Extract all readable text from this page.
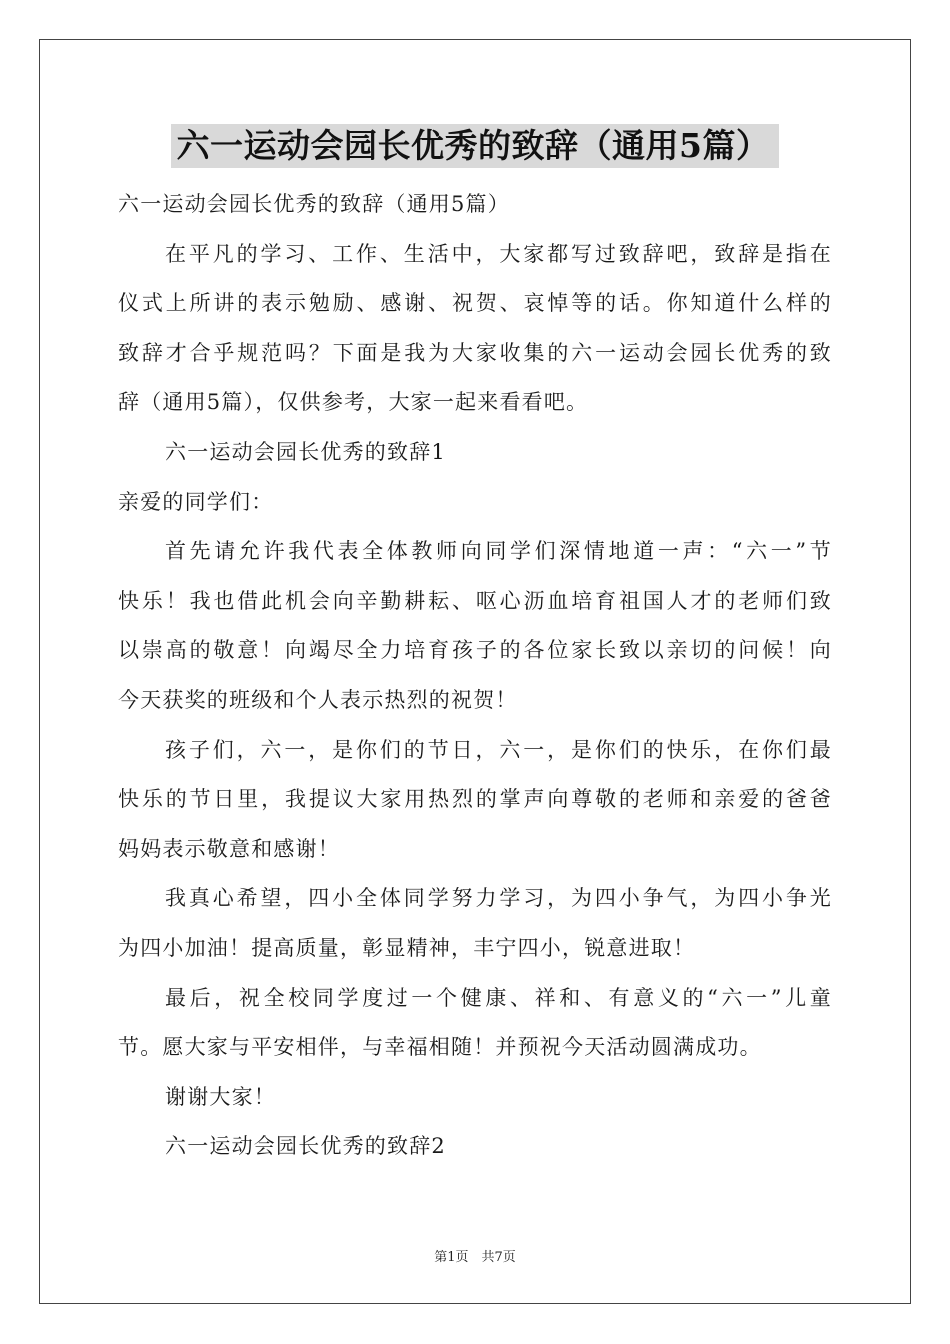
六一运动会园长优秀的致辞（通用5篇）
六一运动会园长优秀的致辞（通用5篇）
在平凡的学习、工作、生活中，大家都写过致辞吧，致辞是指在
仪式上所讲的表示勉励、感谢、祝贺、哀悼等的话。你知道什么样的
致辞才合乎规范吗？下面是我为大家收集的六一运动会园长优秀的致
辞（通用5篇），仅供参考，大家一起来看看吧。
六一运动会园长优秀的致辞1
亲爱的同学们：
首先请允许我代表全体教师向同学们深情地道一声：“六一”节
快乐！我也借此机会向辛勤耕耘、呕心沥血培育祖国人才的老师们致
以崇高的敬意！向竭尽全力培育孩子的各位家长致以亲切的问候！向
今天获奖的班级和个人表示热烈的祝贺！
孩子们，六一，是你们的节日，六一，是你们的快乐，在你们最
快乐的节日里，我提议大家用热烈的掌声向尊敬的老师和亲爱的爸爸
妈妈表示敬意和感谢！
我真心希望，四小全体同学努力学习，为四小争气，为四小争光
为四小加油！提高质量，彰显精神，丰宁四小，锐意进取！
最后，祝全校同学度过一个健康、祥和、有意义的“六一”儿童
节。愿大家与平安相伴，与幸福相随！并预祝今天活动圆满成功。
谢谢大家！
六一运动会园长优秀的致辞2
第1页　共7页
